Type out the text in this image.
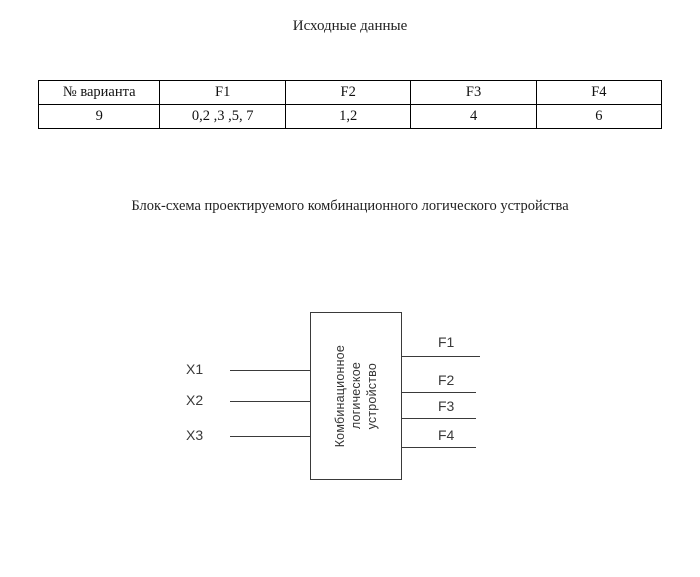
Исходные данные
№ варианта	F1	F2	F3	F4
9	0,2 ,3 ,5, 7	1,2	4	6
Блок-схема проектируемого комбинационного логического устройства
Комбинационное логическое устройство
X1
X2
X3
F1
F2
F3
F4
